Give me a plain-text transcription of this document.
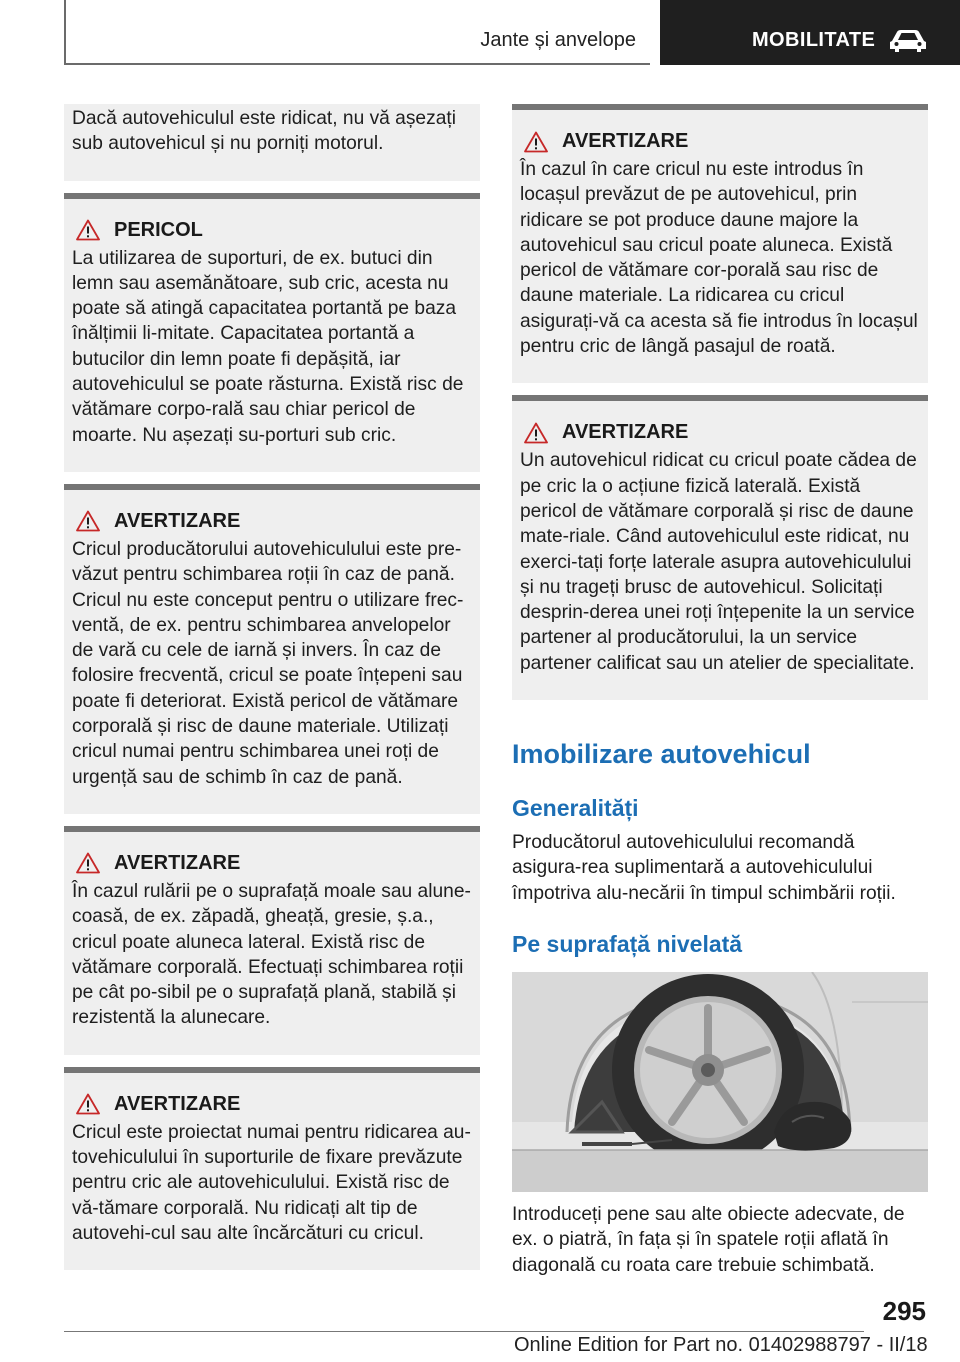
Jante și anvelope	MOBILITATE
Dacă autovehiculul este ridicat, nu vă așezați sub autovehicul și nu porniți motorul.
PERICOL
La utilizarea de suporturi, de ex. butuci din lemn sau asemănătoare, sub cric, acesta nu poate să atingă capacitatea portantă pe baza înălțimii li-mitate. Capacitatea portantă a butucilor din lemn poate fi depășită, iar autovehiculul se poate răsturna. Există risc de vătămare corpo-rală sau chiar pericol de moarte. Nu așezați su-porturi sub cric.
AVERTIZARE
Cricul producătorului autovehiculului este pre-văzut pentru schimbarea roții în caz de pană. Cricul nu este conceput pentru o utilizare frec-ventă, de ex. pentru schimbarea anvelopelor de vară cu cele de iarnă și invers. În caz de folosire frecventă, cricul se poate înțepeni sau poate fi deteriorat. Există pericol de vătămare corporală și risc de daune materiale. Utilizați cricul numai pentru schimbarea unei roți de urgență sau de schimb în caz de pană.
AVERTIZARE
În cazul rulării pe o suprafață moale sau alune-coasă, de ex. zăpadă, gheață, gresie, ș.a., cricul poate aluneca lateral. Există risc de vătămare corporală. Efectuați schimbarea roții pe cât po-sibil pe o suprafață plană, stabilă și rezistentă la alunecare.
AVERTIZARE
Cricul este proiectat numai pentru ridicarea au-tovehiculului în suporturile de fixare prevăzute pentru cric ale autovehiculului. Există risc de vă-tămare corporală. Nu ridicați alt tip de autovehi-cul sau alte încărcături cu cricul.
AVERTIZARE
În cazul în care cricul nu este introdus în locașul prevăzut de pe autovehicul, prin ridicare se pot produce daune majore la autovehicul sau cricul poate aluneca. Există pericol de vătămare cor-porală sau risc de daune materiale. La ridicarea cu cricul asigurați-vă ca acesta să fie introdus în locașul pentru cric de lângă pasajul de roată.
AVERTIZARE
Un autovehicul ridicat cu cricul poate cădea de pe cric la o acțiune fizică laterală. Există pericol de vătămare corporală și risc de daune mate-riale. Când autovehiculul este ridicat, nu exerci-tați forțe laterale asupra autovehiculului și nu trageți brusc de autovehicul. Solicitați desprin-derea unei roți înțepenite la un service partener al producătorului, la un service partener calificat sau un atelier de specialitate.
Imobilizare autovehicul
Generalități
Producătorul autovehiculului recomandă asigura-rea suplimentară a autovehiculului împotriva alu-necării în timpul schimbării roții.
Pe suprafață nivelată
Introduceți pene sau alte obiecte adecvate, de ex. o piatră, în fața și în spatele roții aflată în diagonală cu roata care trebuie schimbată.
295
Online Edition for Part no. 01402988797 - II/18
